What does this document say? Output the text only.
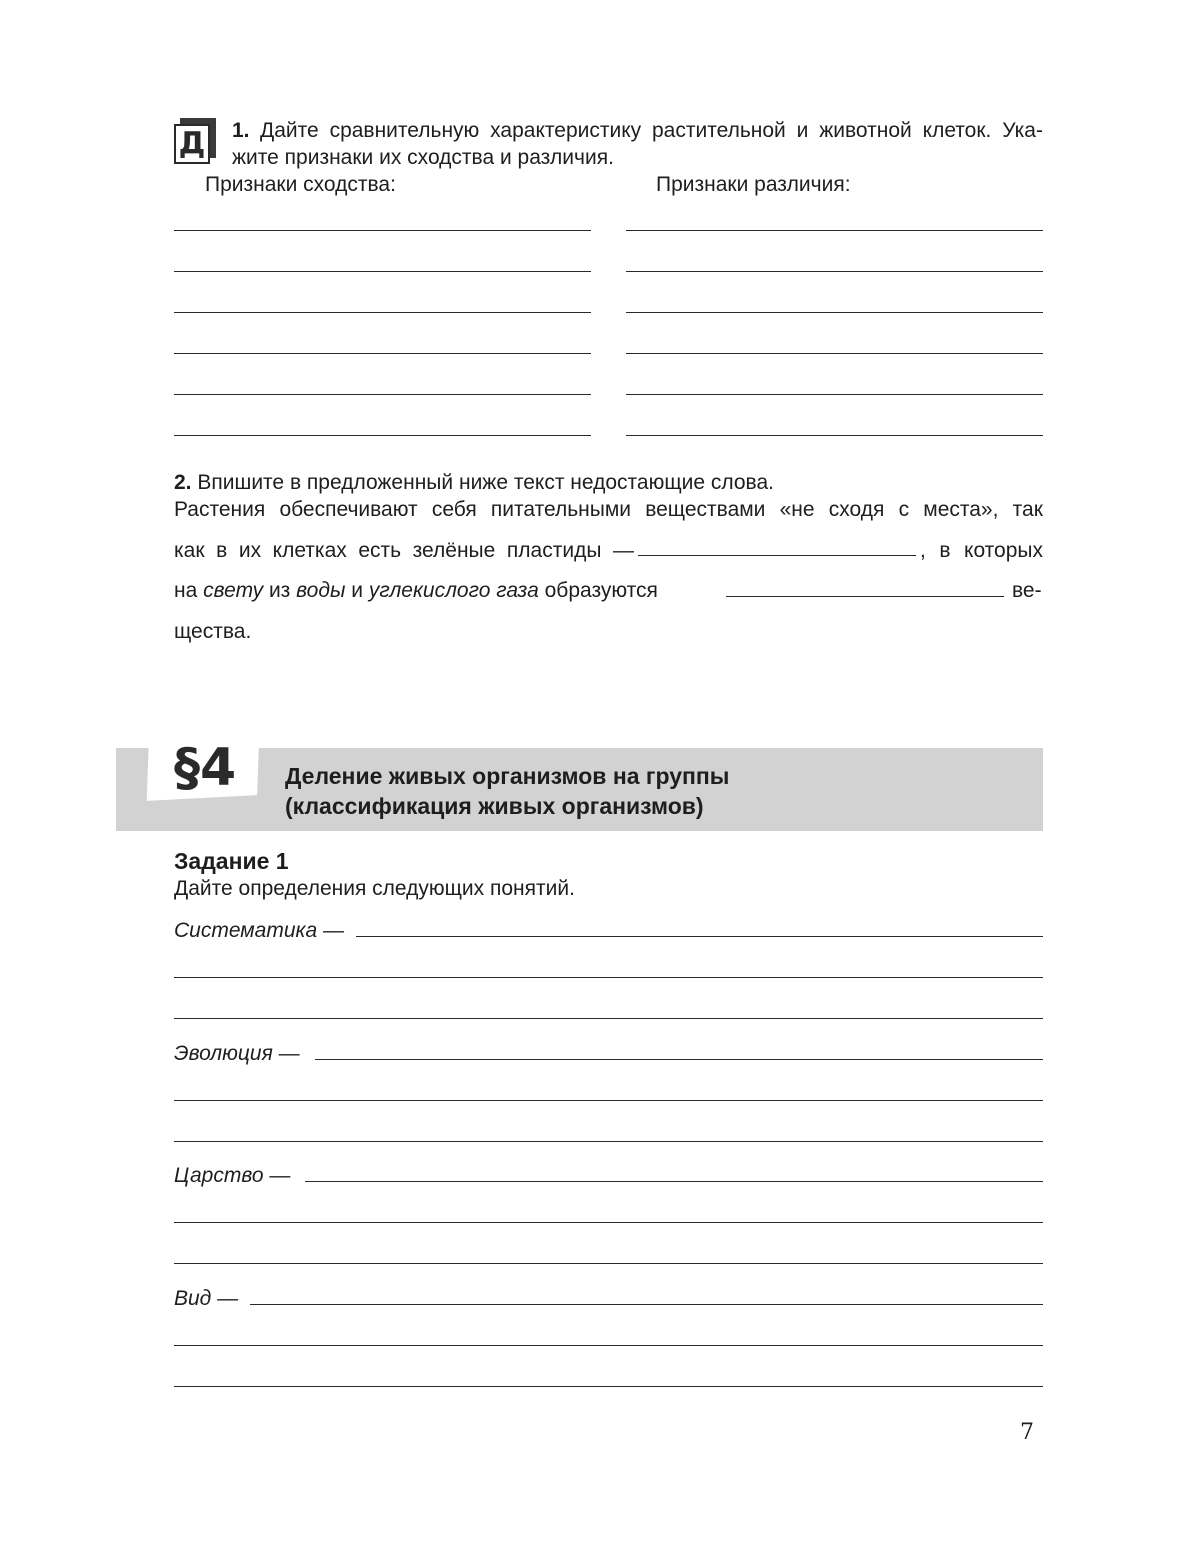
Д 1. Дайте сравнительную характеристику растительной и животной клеток. Ука-
жите признаки их сходства и различия.
Признаки сходства:	Признаки различия:
2. Впишите в предложенный ниже текст недостающие слова.
Растения обеспечивают себя питательными веществами «не сходя с места», так
как в их клетках есть зелёные пластиды —	, в которых
на свету из воды и углекислого газа образуются	ве-
щества.
§4 Деление живых организмов на группы
(классификация живых организмов)
Задание 1
Дайте определения следующих понятий.
Систематика —
Эволюция —
Царство —
Вид —
7
